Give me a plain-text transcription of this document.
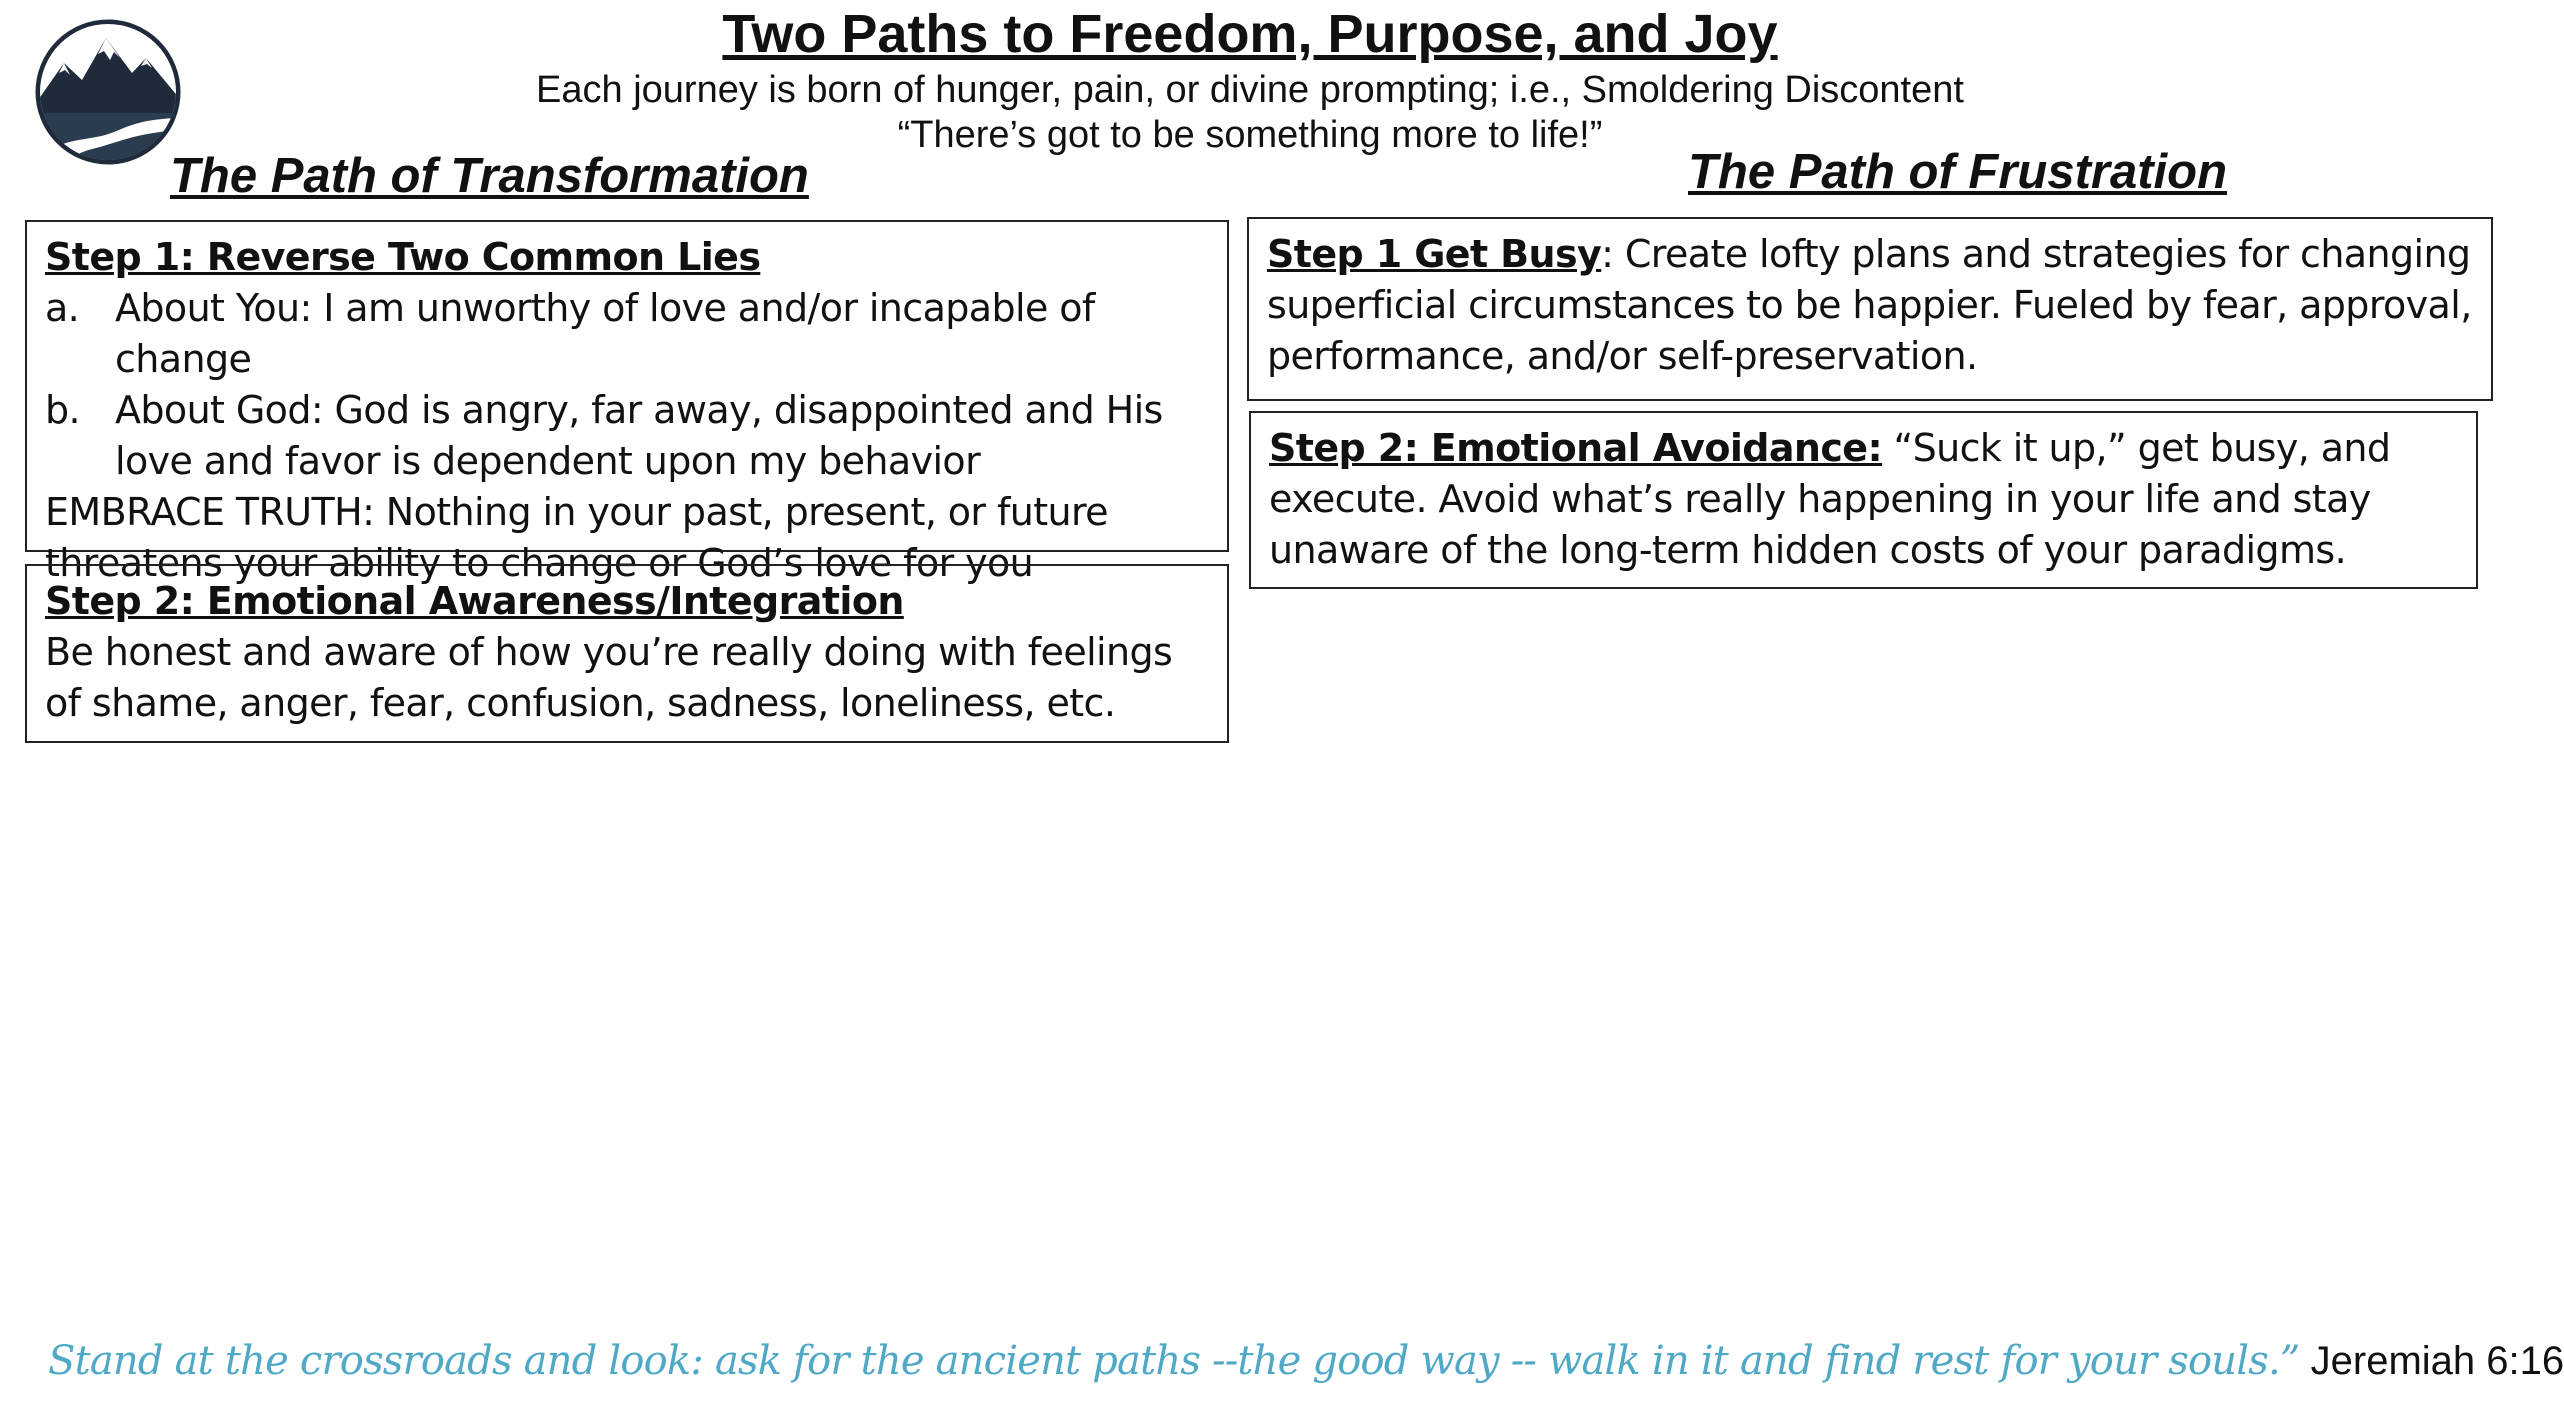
Two Paths to Freedom, Purpose, and Joy
Each journey is born of hunger, pain, or divine prompting; i.e., Smoldering Discontent
“There’s got to be something more to life!”
The Path of Transformation	The Path of Frustration
Step 1: Reverse Two Common Lies
a. About You: I am unworthy of love and/or incapable of change
b. About God: God is angry, far away, disappointed and His love and favor is dependent upon my behavior
EMBRACE TRUTH: Nothing in your past, present, or future threatens your ability to change or God’s love for you
Step 2: Emotional Awareness/Integration
Be honest and aware of how you’re really doing with feelings of shame, anger, fear, confusion, sadness, loneliness, etc.
Step 1 Get Busy: Create lofty plans and strategies for changing superficial circumstances to be happier. Fueled by fear, approval, performance, and/or self-preservation.
Step 2: Emotional Avoidance: “Suck it up,” get busy, and execute. Avoid what’s really happening in your life and stay unaware of the long-term hidden costs of your paradigms.
Stand at the crossroads and look: ask for the ancient paths --the good way -- walk in it and find rest for your souls.” Jeremiah 6:16
